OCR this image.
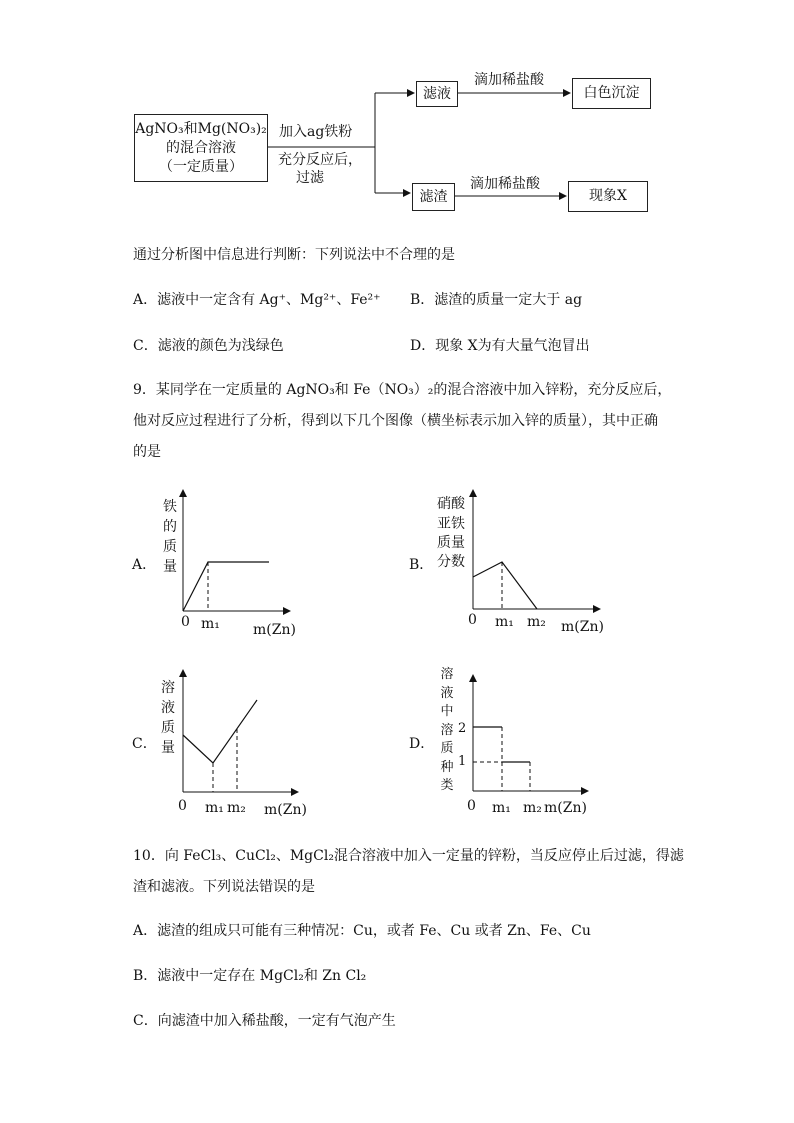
AgNO₃和Mg(NO₃)₂
的混合溶液
（一定质量）
加入ag铁粉
充分反应后，
过滤
滤液
滤渣
滴加稀盐酸
滴加稀盐酸
白色沉淀
现象X
通过分析图中信息进行判断：下列说法中不合理的是
A．滤液中一定含有 Ag⁺、Mg²⁺、Fe²⁺ B．滤渣的质量一定大于 ag
C．滤液的颜色为浅绿色	D．现象 X为有大量气泡冒出
9．某同学在一定质量的 AgNO₃和 Fe（NO₃）₂的混合溶液中加入锌粉，充分反应后，
他对反应过程进行了分析，得到以下几个图像（横坐标表示加入锌的质量），其中正确
的是
A．
铁的质量
0 m₁ m(Zn)
B．
硝酸
亚铁
质量
分数
0 m₁ m₂ m(Zn)
C．
溶液质量
0 m₁ m₂ m(Zn)
D．
溶液中溶质种类
2
1
0 m₁ m₂ m(Zn)
10．向 FeCl₃、CuCl₂、MgCl₂混合溶液中加入一定量的锌粉，当反应停止后过滤，得滤
渣和滤液。下列说法错误的是
A．滤渣的组成只可能有三种情况：Cu，或者 Fe、Cu 或者 Zn、Fe、Cu
B．滤液中一定存在 MgCl₂和 Zn Cl₂
C．向滤渣中加入稀盐酸，一定有气泡产生
